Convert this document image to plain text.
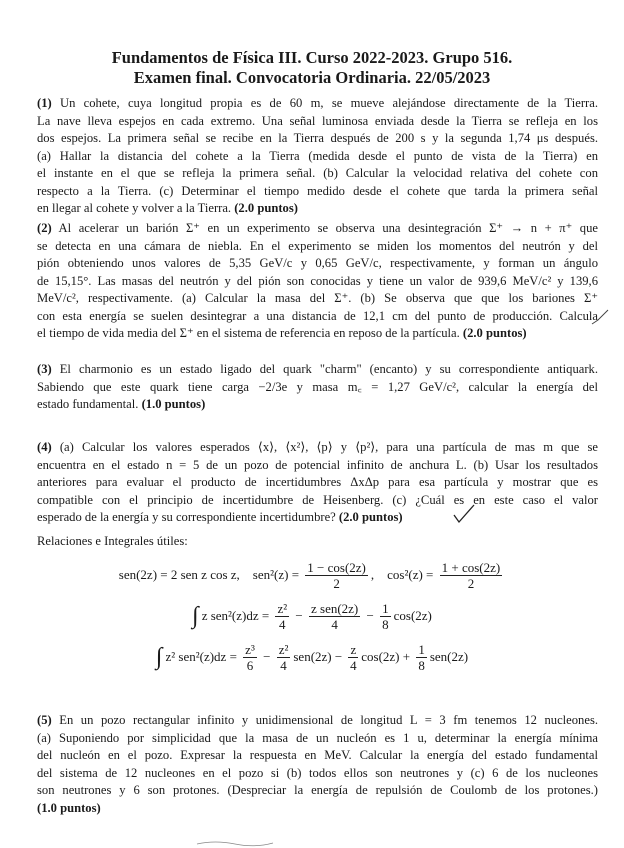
Fundamentos de Física III. Curso 2022-2023. Grupo 516.
Examen final. Convocatoria Ordinaria. 22/05/2023
(1) Un cohete, cuya longitud propia es de 60 m, se mueve alejándose directamente de la Tierra.
La nave lleva espejos en cada extremo. Una señal luminosa enviada desde la Tierra se refleja en los
dos espejos. La primera señal se recibe en la Tierra después de 200 s y la segunda 1,74 μs después.
(a) Hallar la distancia del cohete a la Tierra (medida desde el punto de vista de la Tierra) en
el instante en el que se refleja la primera señal. (b) Calcular la velocidad relativa del cohete con
respecto a la Tierra. (c) Determinar el tiempo medido desde el cohete que tarda la primera señal
en llegar al cohete y volver a la Tierra. (2.0 puntos)
(2) Al acelerar un barión Σ⁺ en un experimento se observa una desintegración Σ⁺ → n + π⁺ que
se detecta en una cámara de niebla. En el experimento se miden los momentos del neutrón y del
pión obteniendo unos valores de 5,35 GeV/c y 0,65 GeV/c, respectivamente, y forman un ángulo
de 15,15°. Las masas del neutrón y del pión son conocidas y tiene un valor de 939,6 MeV/c² y 139,6
MeV/c², respectivamente. (a) Calcular la masa del Σ⁺. (b) Se observa que que los bariones Σ⁺
con esta energía se suelen desintegrar a una distancia de 12,1 cm del punto de producción. Calcula
el tiempo de vida media del Σ⁺ en el sistema de referencia en reposo de la partícula. (2.0 puntos)
(3) El charmonio es un estado ligado del quark "charm" (encanto) y su correspondiente antiquark.
Sabiendo que este quark tiene carga −2/3e y masa m꜀ = 1,27 GeV/c², calcular la energía del
estado fundamental. (1.0 puntos)
(4) (a) Calcular los valores esperados ⟨x⟩, ⟨x²⟩, ⟨p⟩ y ⟨p²⟩, para una partícula de mas m que se
encuentra en el estado n = 5 de un pozo de potencial infinito de anchura L. (b) Usar los resultados
anteriores para evaluar el producto de incertidumbres ΔxΔp para esa partícula y mostrar que es
compatible con el principio de incertidumbre de Heisenberg. (c) ¿Cuál es en este caso el valor
esperado de la energía y su correspondiente incertidumbre? (2.0 puntos)
(5) En un pozo rectangular infinito y unidimensional de longitud L = 3 fm tenemos 12 nucleones.
(a) Suponiendo por simplicidad que la masa de un nucleón es 1 u, determinar la energía mínima
del nucleón en el pozo. Expresar la respuesta en MeV. Calcular la energía del estado fundamental
del sistema de 12 nucleones en el pozo si (b) todos ellos son neutrones y (c) 6 de los nucleones
son neutrones y 6 son protones. (Despreciar la energía de repulsión de Coulomb de los protones.)
(1.0 puntos)
Relaciones e Integrales útiles:
sen(2z) = 2 sen z cos z,    $sen^2(z) = \frac{1 - \cos(2z)}{2}$ ,    $\cos^2(z) = \frac{1 + \cos(2z)}{2}$
∫ z $sen^2(z)dz = \frac{\text{z²}}{4} - \frac{\text{z sen(2z)}}{4} - \frac{1}{8} \cos(2z)$
∫ z² $sen^2(z)dz = \frac{\text{z³}}{6} - \frac{\text{z²}}{4} sen(2z) - \frac{z}{4} \cos(2z) + \frac{1}{8} sen(2z)$
